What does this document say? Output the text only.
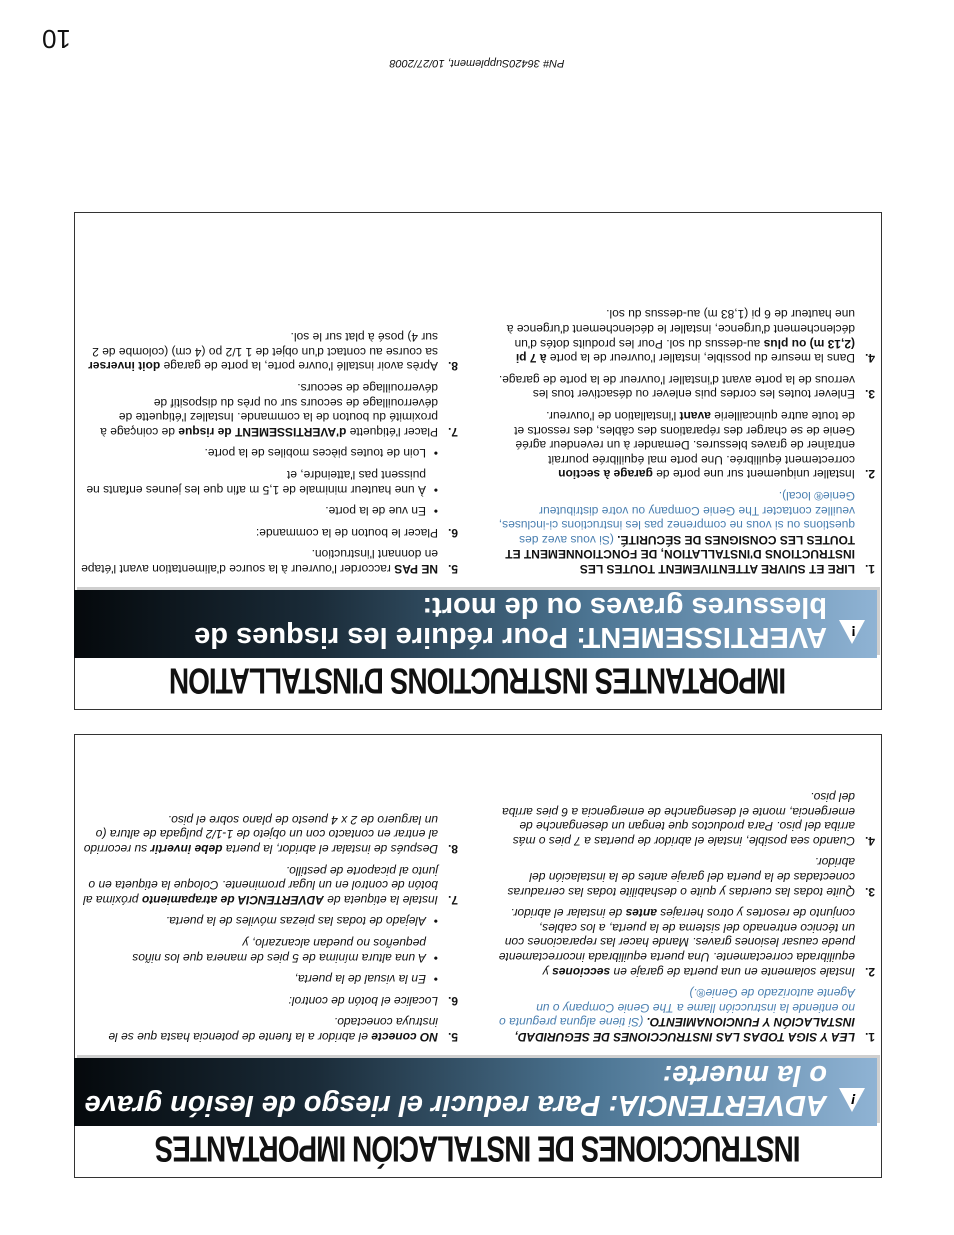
10
PN# 36420Supplement, 10/27/2008
IMPORTANTES INSTRUCTIONS D'INSTALLATION
!
AVERTISSEMENT: Pour réduire les risques de blessures graves ou de mort:
1.
LIRE ET SUIVRE ATTENTIVEMENT TOUTES LES INSTRUCTIONS D'INSTALLATION, DE FONCTIONNEMENT ET TOUTES LES CONSIGNES DE SÉCURITÉ. (Si vous avez des questions ou si vous ne comprenez pas les instructions ci-incluses, veuillez contacter The Genie Company ou votre distributeur Genie® local).
2.
Installer uniquement sur une porte de garage à section correctement équilibrée. Une porte mal équilibrée pourrait entraîner de graves blessures. Demander à un revendeur agréé Genie de se charger des réparations des câbles, des ressorts et de toute autre quincaillerie avant l'installation de l'ouvreur.
3.
Enlever toutes les cordes puis enlever ou désactiver tous les verrous de la porte avant d'installer l'ouvreur de la porte de garage.
4.
Dans la mesure du possible, installer l'ouvreur de la porte à 7 pi (2,13 m) ou plus au-dessus du sol. Pour les produits dotés d'un déclenchement d'urgence, installer le déclenchement d'urgence à une hauteur de 6 pi (1,83 m) au-dessus du sol.
5.
NE PAS raccorder l'ouvreur à la source d'alimentation avant l'étape en donnant l'instruction.
6.
Placer le bouton de la commande:
•
En vue de la porte.
•
À une hauteur minimale de 1,5 m afin que les jeunes enfants ne puissent pas l'atteindre, et
•
Loin de toutes pièces mobiles de la porte.
7.
Placer l'étiquette d'AVERTISSEMENT de risque de coinçage à proximité du bouton de la commande. Installez l'étiquette de déverrouillage de secours sur ou près du dispositif de déverrouillage de secours.
8.
Après avoir installé l'ouvre porte, la porte de garage doit inverser sa course au contact d'un objet de 1 1/2 po (4 cm) (colombe de 2 sur 4) posé à plat sur le sol.
INSTRUCCIONES DE INSTALACIÓN IMPORTANTES
!
ADVERTENCIA: Para reducir el riesgo de lesión grave o la muerte:
1.
LEA Y SIGA TODAS LAS INSTRUCCIONES DE SEGURIDAD, INSTALACIÓN Y FUNCIONAMIENTO. (Si tiene alguna pregunta o no entiende la instrucción llame a The Genie Company o un Agente autorizado de Genie®.)
2.
Instale solamente en una puerta de garaje en secciones y equilibrada correctamente. Una puerta equilibrada incorrectamente puede causar lesiones graves. Mande hacer las reparaciones con un técnico entrenado del sistema de la puerta, a los cables, conjunto de resortes y otros herrajes antes de instalar el abridor.
3.
Quite todas las cuerdas y quite o deshabilite todas las cerraduras conectadas de la puerta del garaje antes de la instalación del abridor.
4.
Cuando sea posible, instale el abridor de puertas a 7 pies o más arriba del piso. Para productos que tengan un desenganche de emergencia, monte el desenganche de emergencia a 6 pies arriba del piso.
5.
NO conecte el abridor a la fuente de potencia hasta que se le instruya conectado.
6.
Localice el botón de control:
•
En la visual de la puerta,
•
A una altura mínima de 5 pies de manera que los niños pequeños no puedan alcanzarlo, y
•
Alejado de todas las piezas móviles de la puerta.
7.
Instale la etiqueta de ADVERTENCIA de atrapamiento próxima al botón de control en un lugar prominente. Coloque la etiqueta en o junto al picaporte de pestillo.
8.
Después de instalar el abridor, la puerta debe invertir su recorrido al entrar en contacto con un objeto de 1-1/2 pulgada de altura (o un larguero de 2 x 4 puesto de plano sobre el piso.
